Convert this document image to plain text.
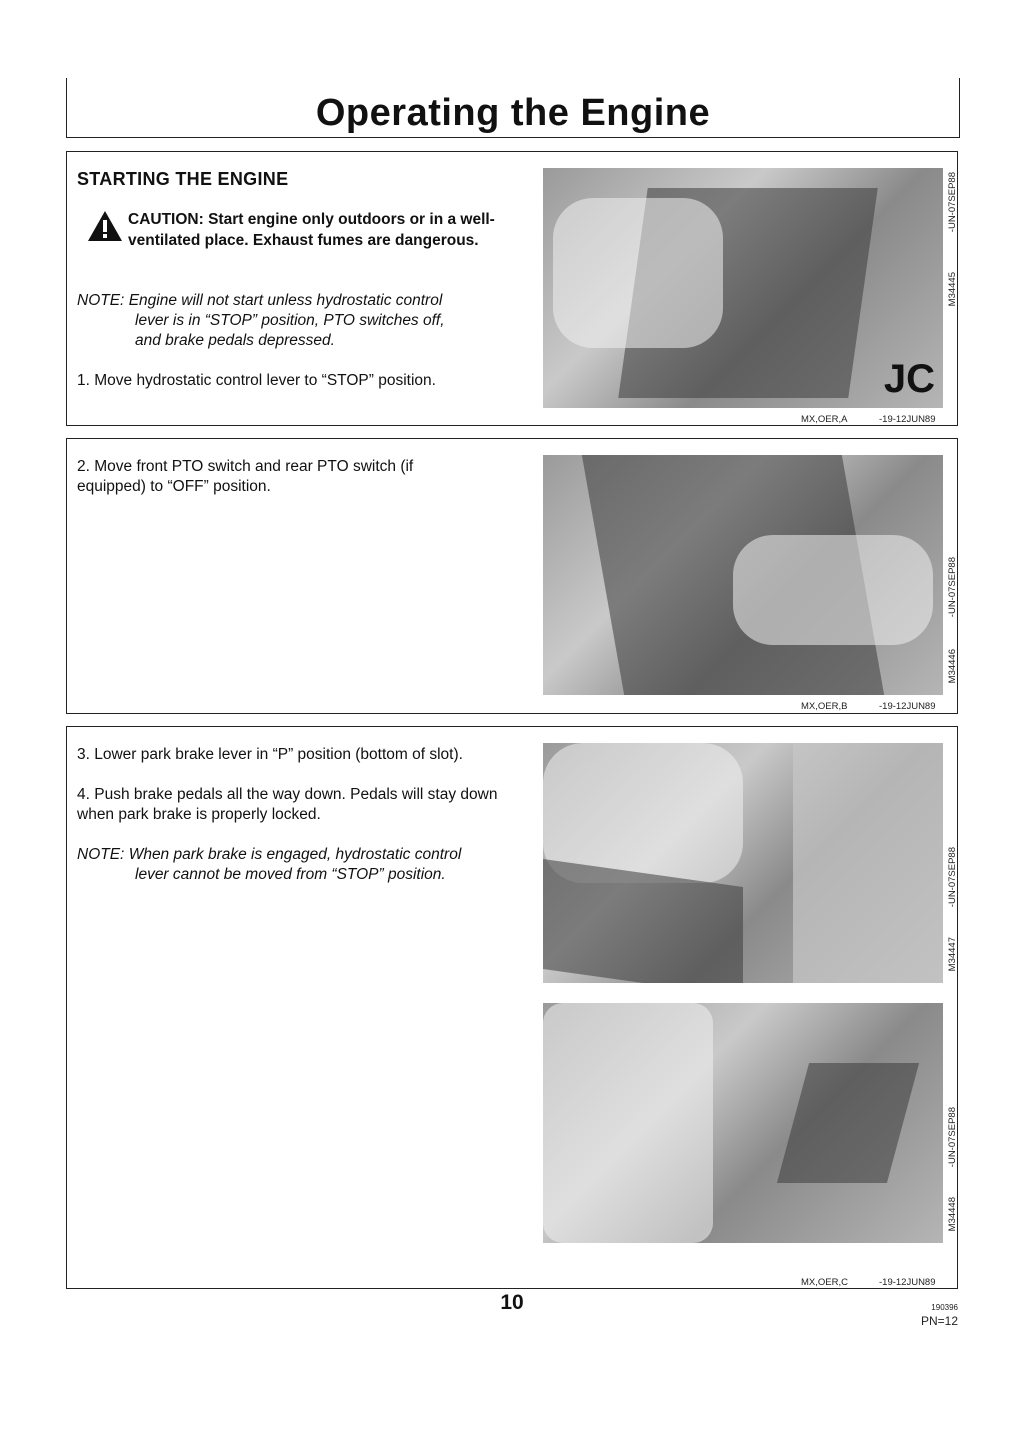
Operating the Engine
STARTING THE ENGINE
CAUTION: Start engine only outdoors or in a well-ventilated place. Exhaust fumes are dangerous.
NOTE: Engine will not start unless hydrostatic control
lever is in “STOP” position, PTO switches off,
and brake pedals depressed.
1. Move hydrostatic control lever to “STOP” position.	JC
M34445
-UN-07SEP88
MX,OER,A	-19-12JUN89
2. Move front PTO switch and rear PTO switch (if equipped) to “OFF” position.
M34446
-UN-07SEP88
MX,OER,B	-19-12JUN89
3. Lower park brake lever in “P” position (bottom of slot).
4. Push brake pedals all the way down. Pedals will stay down when park brake is properly locked.
NOTE: When park brake is engaged, hydrostatic control
lever cannot be moved from “STOP” position.
M34447
-UN-07SEP88
M34448
-UN-07SEP88
MX,OER,C	-19-12JUN89
10	190396
PN=12
